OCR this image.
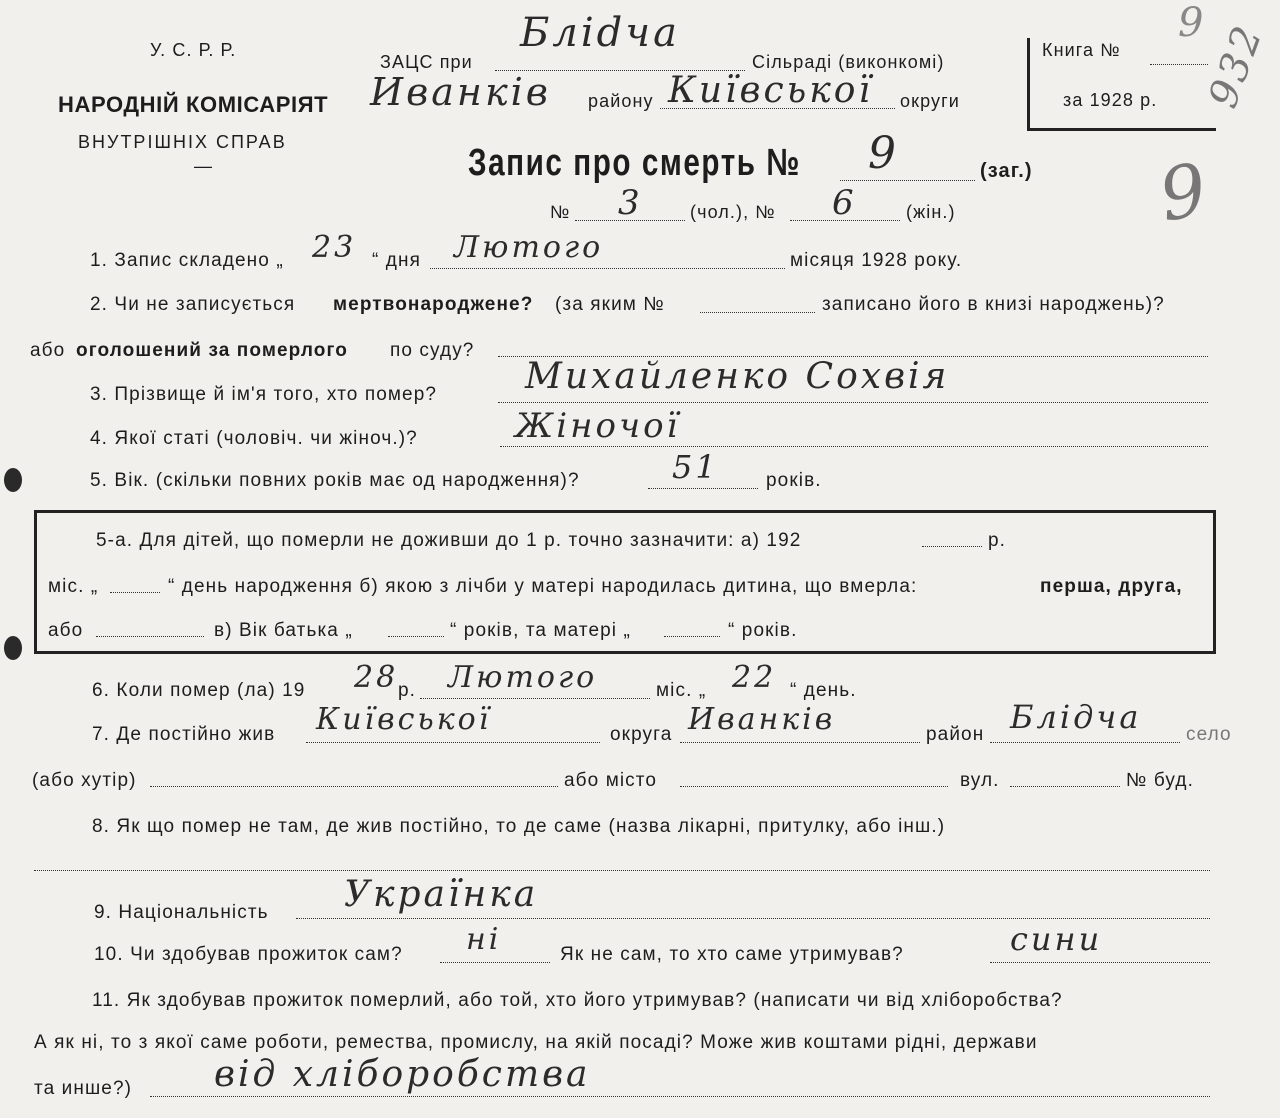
У. С. Р. Р.
НАРОДНІЙ КОМІСАРІЯТ
ВНУТРІШНІХ СПРАВ
—
ЗАЦС при
Бліdча
Сільраді (виконкомі)
Иванків району Київської округи
Книга №
9
за 1928 р. 932
9
Запис про смерть № 9	(заг.)
№ 3	(чол.), № 6	(жін.)
1. Запис складено „ 23 “ дня Лютого	місяця 1928 року.
2. Чи не записується мертвонароджене? (за яким №	записано його в книзі народжень)?
або оголошений за померлого по суду?
3. Прізвище й ім'я того, хто помер? Михайленко Сохвія
4. Якої статі (чоловіч. чи жіноч.)?	Жіночої
5. Вік. (скільки повних років має од народження)?	51 років.
5-а. Для дітей, що померли не доживши до 1 р. точно зазначити: а) 192	р.
міс. „	“ день народження б) якою з лічби у матері народилась дитина, що вмерла:	перша, друга,
або	в) Вік батька „	“ років, та матері „	“ років.
6. Коли помер (ла) 19 28 р. Лютого	міс. „ 22 “ день.
7. Де постійно жив Київської	округа Иванків	район Блідча село
(або хутір)	або місто	вул.	№ буд.
8. Як що помер не там, де жив постійно, то де саме (назва лікарні, притулку, або інш.)
9. Національність Українка
10. Чи здобував прожиток сам? ні	Як не сам, то хто саме утримував?	сини
11. Як здобував прожиток померлий, або той, хто його утримував? (написати чи від хліборобства?
А як ні, то з якої саме роботи, ремества, промислу, на якій посаді? Може жив коштами рідні, держави
та инше?) від хліборобства
